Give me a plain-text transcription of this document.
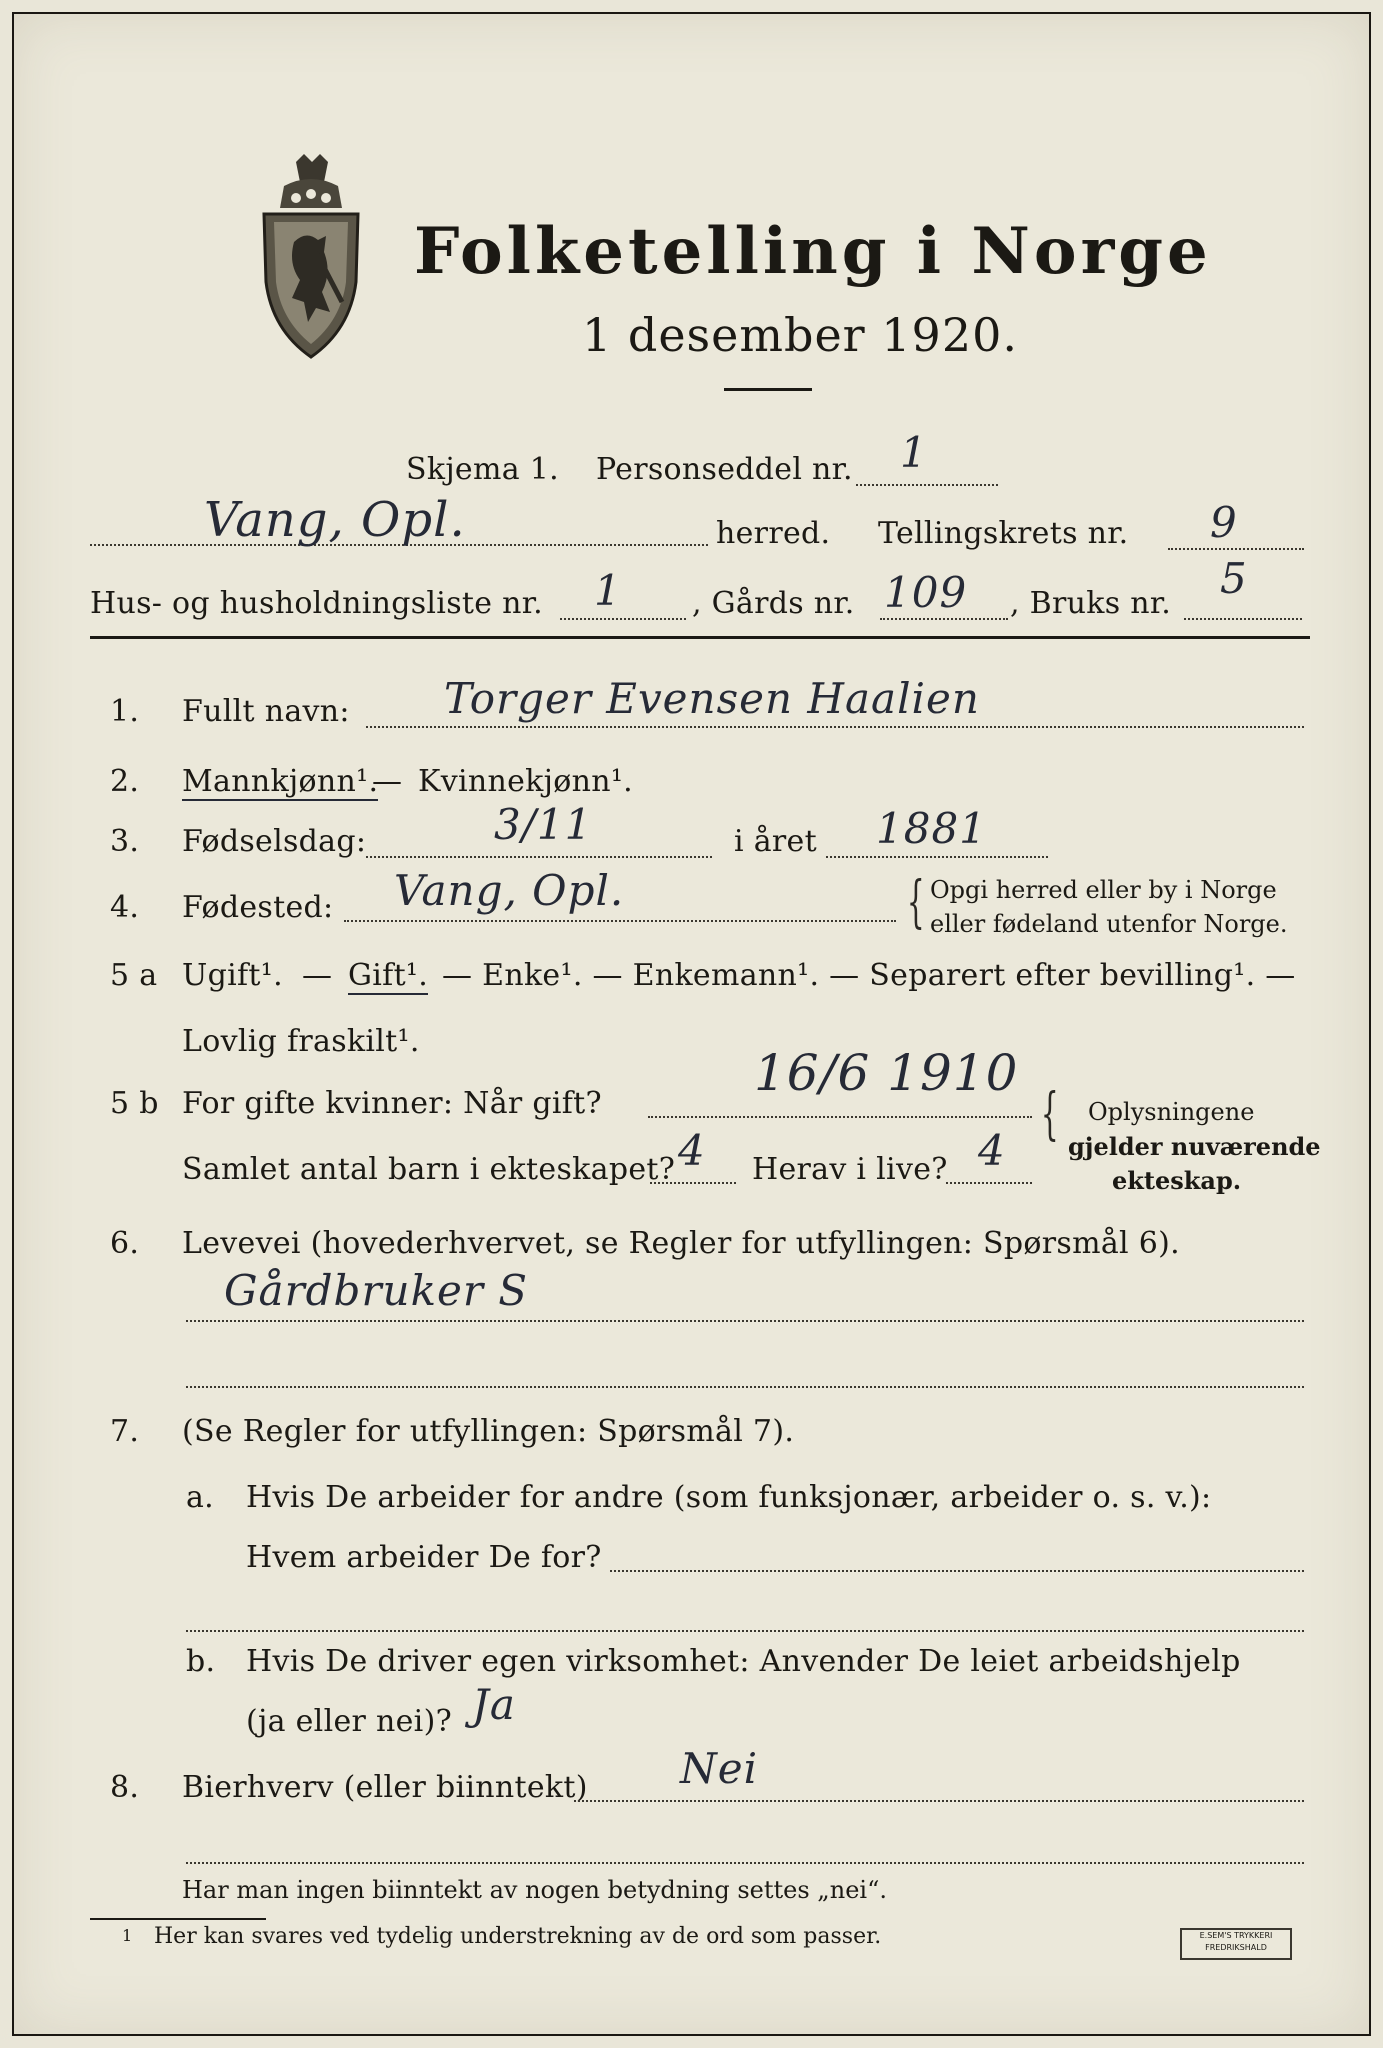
Folketelling i Norge
1 desember 1920.
Skjema 1. Personseddel nr. 1
Vang, Opl.	herred. Tellingskrets nr. 9
Hus- og husholdningsliste nr. 1 , Gårds nr. 109 , Bruks nr.
5
1. Fullt navn: Torger Evensen Haalien
2. Mannkjønn¹.
— Kvinnekjønn¹.
3. Fødselsdag:	3/11	i året 1881
4. Fødested: Vang, Opl.	{ Opgi herred eller by i Norge
eller fødeland utenfor Norge.
5 a Ugift¹. — Gift¹. — Enke¹. — Enkemann¹. — Separert efter bevilling¹. —
Lovlig fraskilt¹.
5 b For gifte kvinner: Når gift?
16/6 1910
{ Oplysningene
gjelder nuværende
ekteskap.
Samlet antal barn i ekteskapet? 4 Herav i live? 4
6. Levevei (hovederhvervet, se Regler for utfyllingen: Spørsmål 6).
Gårdbruker S
7. (Se Regler for utfyllingen: Spørsmål 7).
a. Hvis De arbeider for andre (som funksjonær, arbeider o. s. v.):
Hvem arbeider De for?
b. Hvis De driver egen virksomhet: Anvender De leiet arbeidshjelp
(ja eller nei)? Ja
8. Bierhverv (eller biinntekt) Nei
Har man ingen biinntekt av nogen betydning settes „nei“.
1 Her kan svares ved tydelig understrekning av de ord som passer.	E.SEM'S TRYKKERI
FREDRIKSHALD
